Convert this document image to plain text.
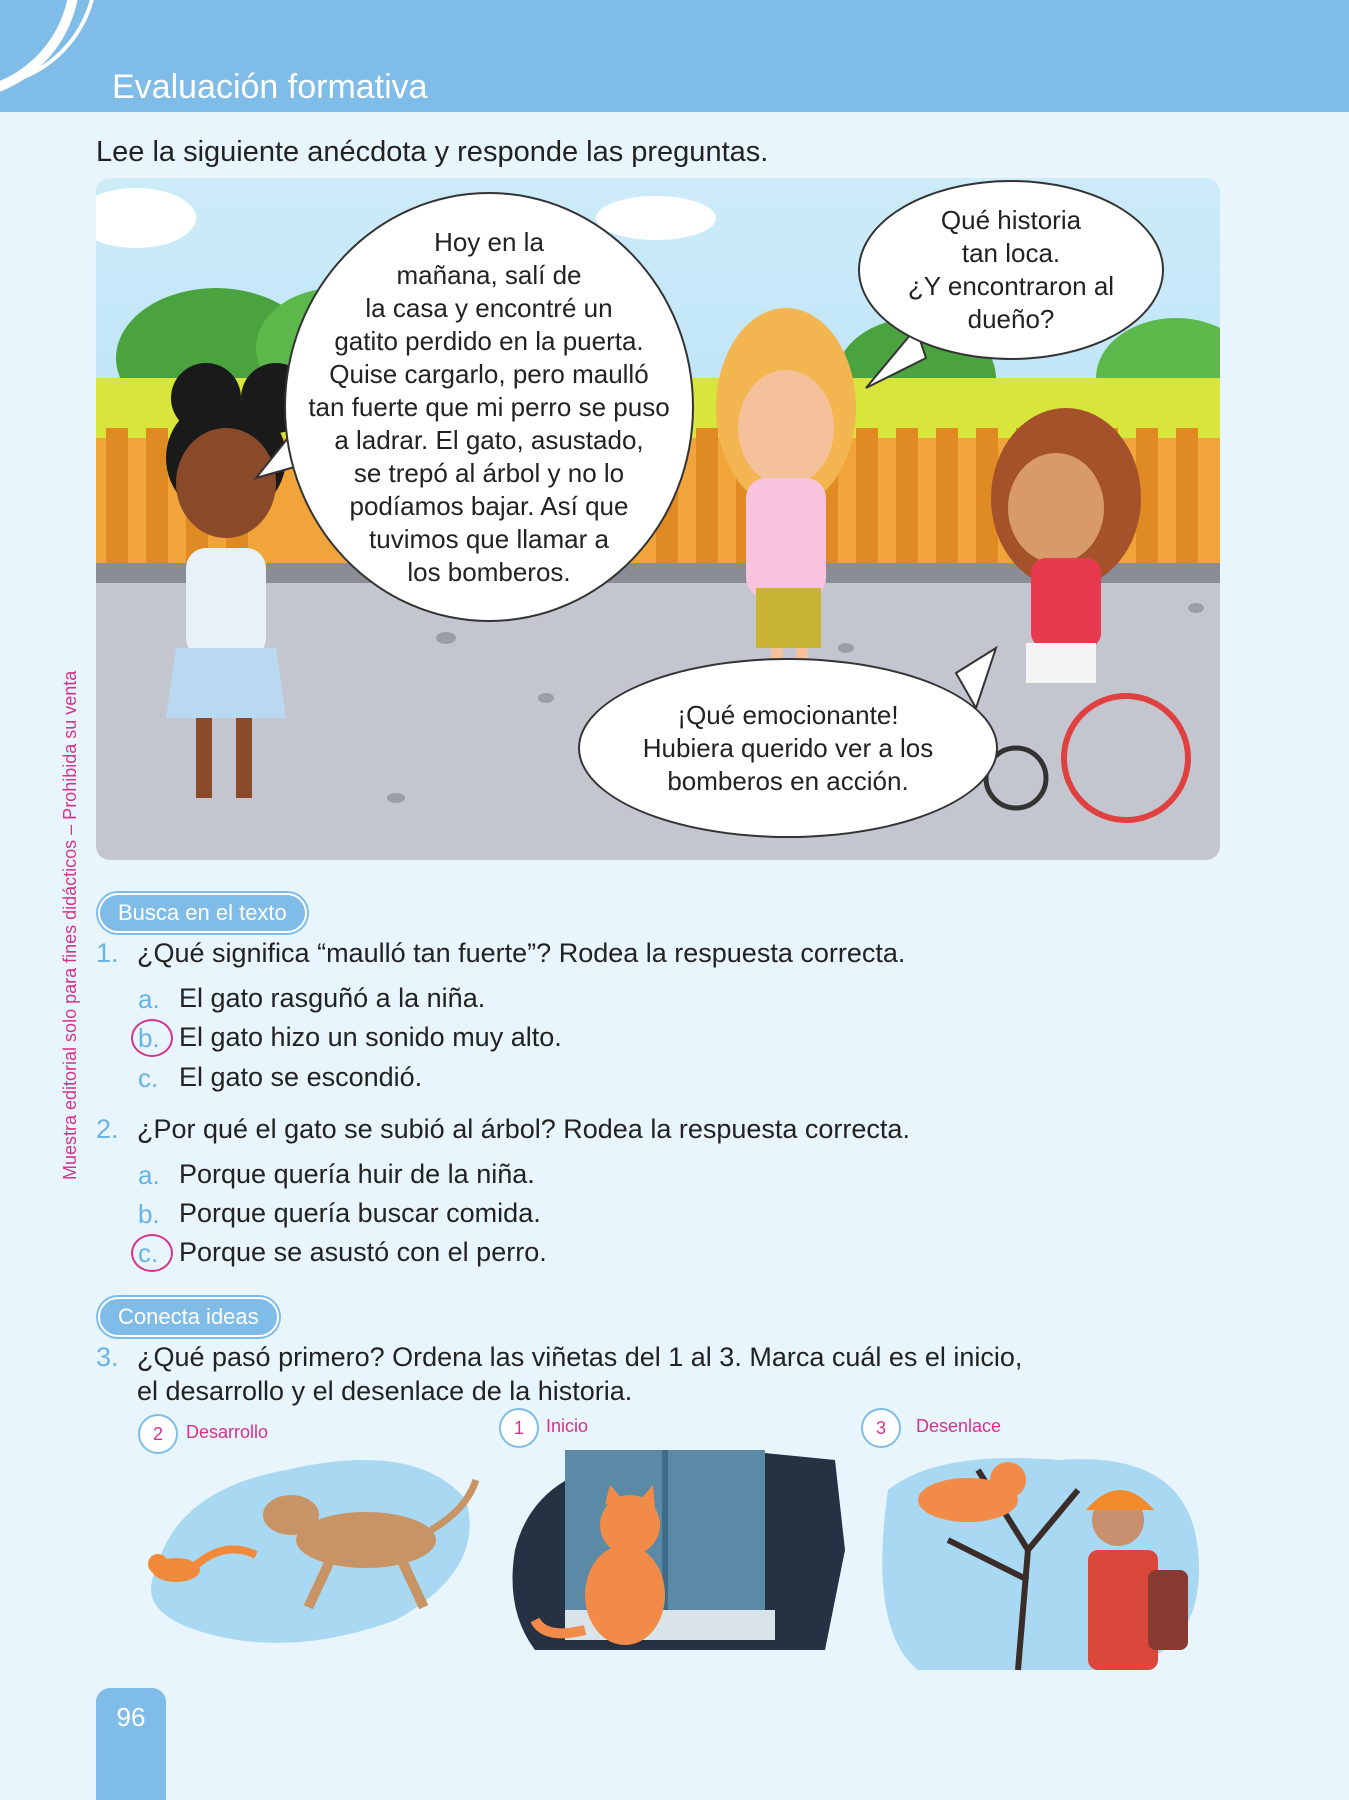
Evaluación formativa
Lee la siguiente anécdota y responde las preguntas.
Hoy en la
mañana, salí de
la casa y encontré un
gatito perdido en la puerta.
Quise cargarlo, pero maulló
tan fuerte que mi perro se puso
a ladrar. El gato, asustado,
se trepó al árbol y no lo
podíamos bajar. Así que
tuvimos que llamar a
los bomberos.
Qué historia
tan loca.
¿Y encontraron al
dueño?
¡Qué emocionante!
Hubiera querido ver a los
bomberos en acción.
Muestra editorial solo para fines didácticos – Prohibida su venta	Busca en el texto
1. ¿Qué significa “maulló tan fuerte”? Rodea la respuesta correcta.
a. El gato rasguñó a la niña.
b. El gato hizo un sonido muy alto.
c. El gato se escondió.
2. ¿Por qué el gato se subió al árbol? Rodea la respuesta correcta.
a. Porque quería huir de la niña.
b. Porque quería buscar comida.
c. Porque se asustó con el perro.
Conecta ideas
3. ¿Qué pasó primero? Ordena las viñetas del 1 al 3. Marca cuál es el inicio,
el desarrollo y el desenlace de la historia.
2	Desarrollo	1	Inicio	3	Desenlace
96
